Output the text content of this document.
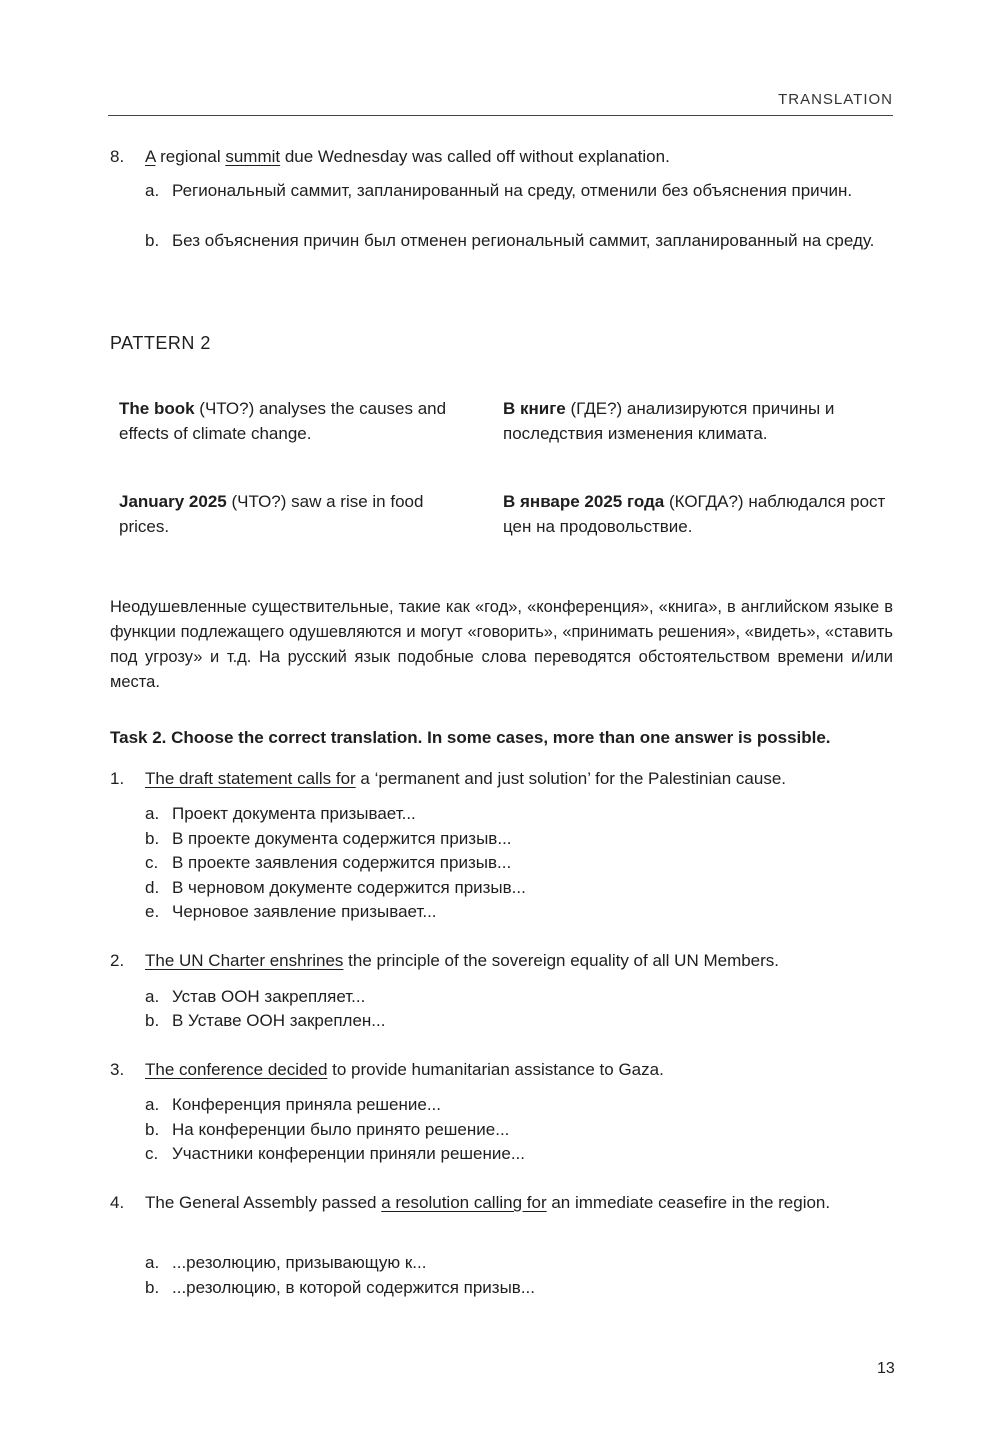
TRANSLATION
8. A regional summit due Wednesday was called off without explanation.
a. Региональный саммит, запланированный на среду, отменили без объяснения причин.
b. Без объяснения причин был отменен региональный саммит, запланированный на среду.
PATTERN 2
The book (ЧТО?) analyses the causes and effects of climate change.
В книге (ГДЕ?) анализируются причины и последствия изменения климата.
January 2025 (ЧТО?) saw a rise in food prices.
В январе 2025 года (КОГДА?) наблюдался рост цен на продовольствие.
Неодушевленные существительные, такие как «год», «конференция», «книга», в английском языке в функции подлежащего одушевляются и могут «говорить», «принимать решения», «видеть», «ставить под угрозу» и т.д. На русский язык подобные слова переводятся обстоятельством времени и/или места.
Task 2. Choose the correct translation. In some cases, more than one answer is possible.
1. The draft statement calls for a ‘permanent and just solution’ for the Palestinian cause.
a. Проект документа призывает...
b. В проекте документа содержится призыв...
c. В проекте заявления содержится призыв...
d. В черновом документе содержится призыв...
e. Черновое заявление призывает...
2. The UN Charter enshrines the principle of the sovereign equality of all UN Members.
a. Устав ООН закрепляет...
b. В Уставе ООН закреплен...
3. The conference decided to provide humanitarian assistance to Gaza.
a. Конференция приняла решение...
b. На конференции было принято решение...
c. Участники конференции приняли решение...
4. The General Assembly passed a resolution calling for an immediate ceasefire in the region.
a. ...резолюцию, призывающую к...
b. ...резолюцию, в которой содержится призыв...
13
